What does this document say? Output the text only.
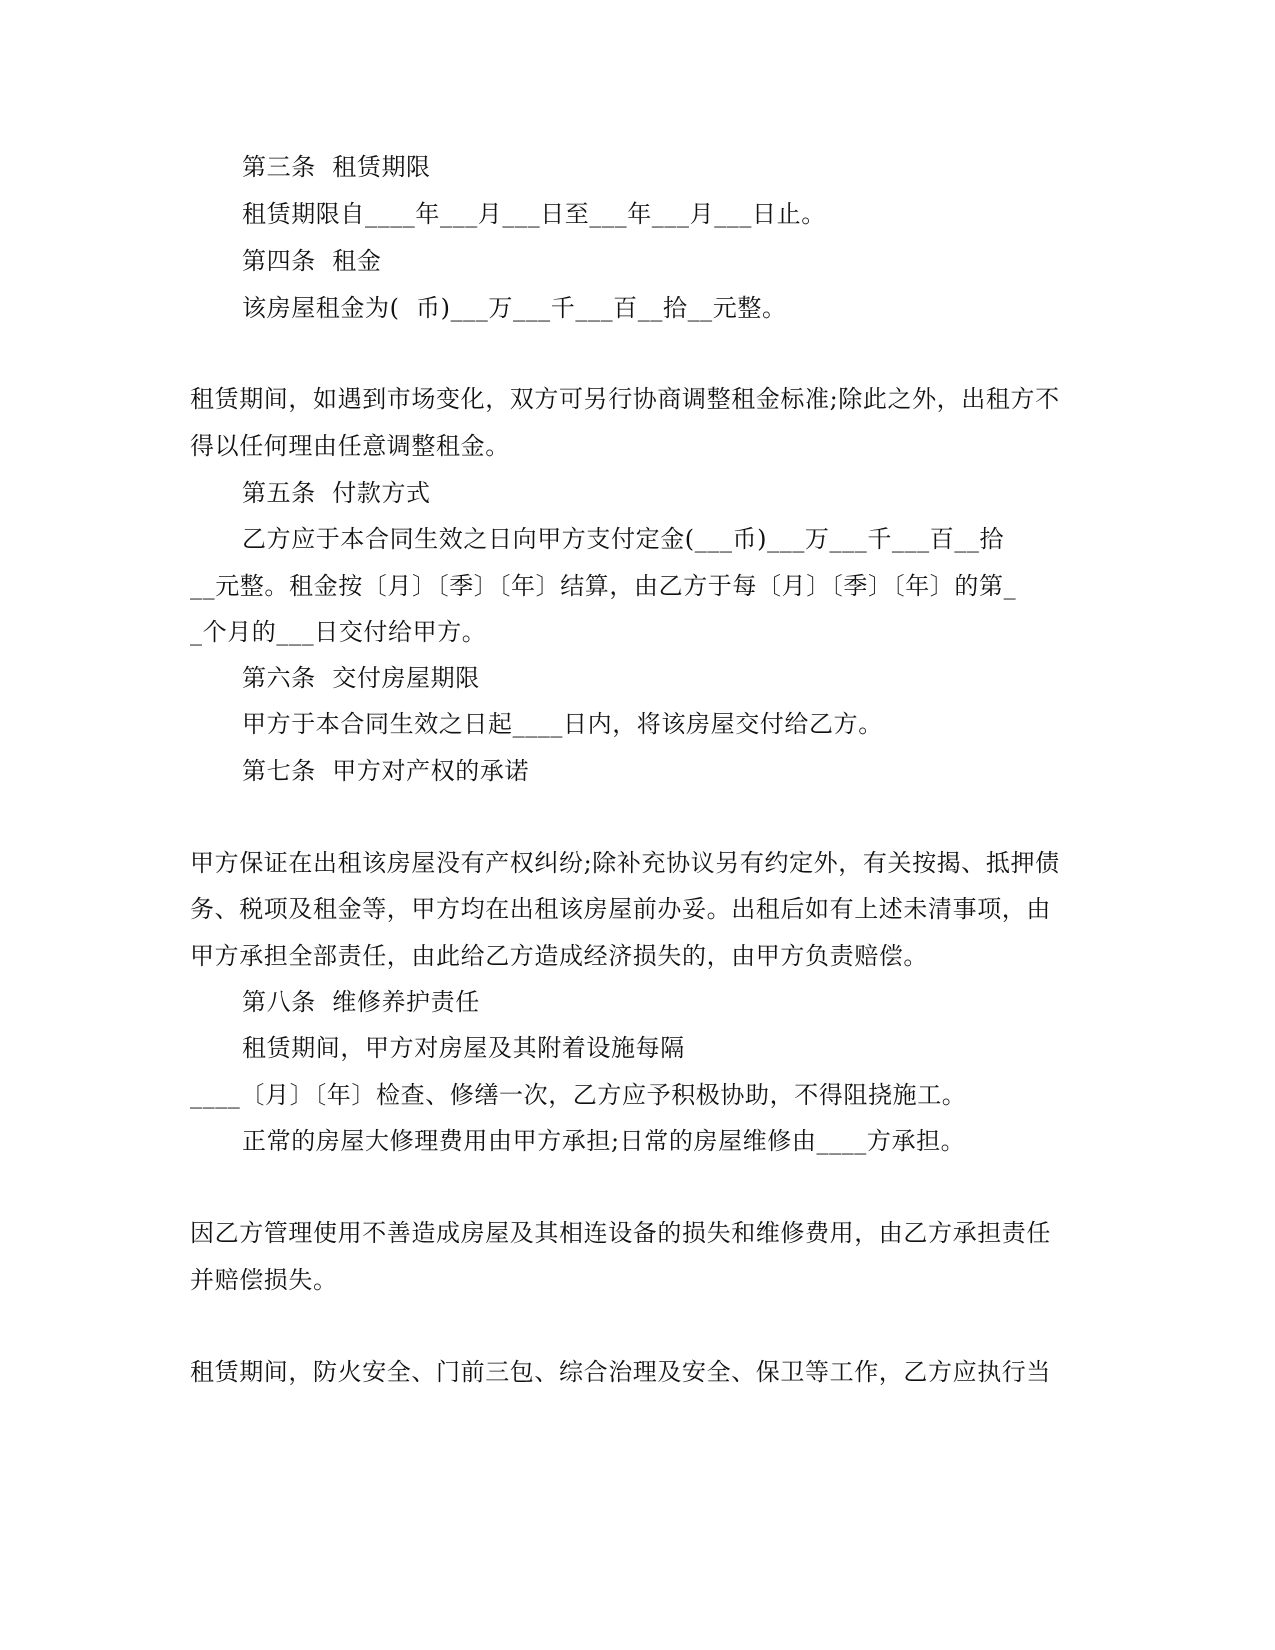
第三条  租赁期限
租赁期限自____年___月___日至___年___月___日止。
第四条  租金
该房屋租金为(  币)___万___千___百__拾__元整。
租赁期间，如遇到市场变化，双方可另行协商调整租金标准;除此之外，出租方不
得以任何理由任意调整租金。
第五条  付款方式
乙方应于本合同生效之日向甲方支付定金(___币)___万___千___百__拾
__元整。租金按〔月〕〔季〕〔年〕结算，由乙方于每〔月〕〔季〕〔年〕的第_
_个月的___日交付给甲方。
第六条  交付房屋期限
甲方于本合同生效之日起____日内，将该房屋交付给乙方。
第七条  甲方对产权的承诺
甲方保证在出租该房屋没有产权纠纷;除补充协议另有约定外，有关按揭、抵押债
务、税项及租金等，甲方均在出租该房屋前办妥。出租后如有上述未清事项，由
甲方承担全部责任，由此给乙方造成经济损失的，由甲方负责赔偿。
第八条  维修养护责任
租赁期间，甲方对房屋及其附着设施每隔
____〔月〕〔年〕检查、修缮一次，乙方应予积极协助，不得阻挠施工。
正常的房屋大修理费用由甲方承担;日常的房屋维修由____方承担。
因乙方管理使用不善造成房屋及其相连设备的损失和维修费用，由乙方承担责任
并赔偿损失。
租赁期间，防火安全、门前三包、综合治理及安全、保卫等工作，乙方应执行当
